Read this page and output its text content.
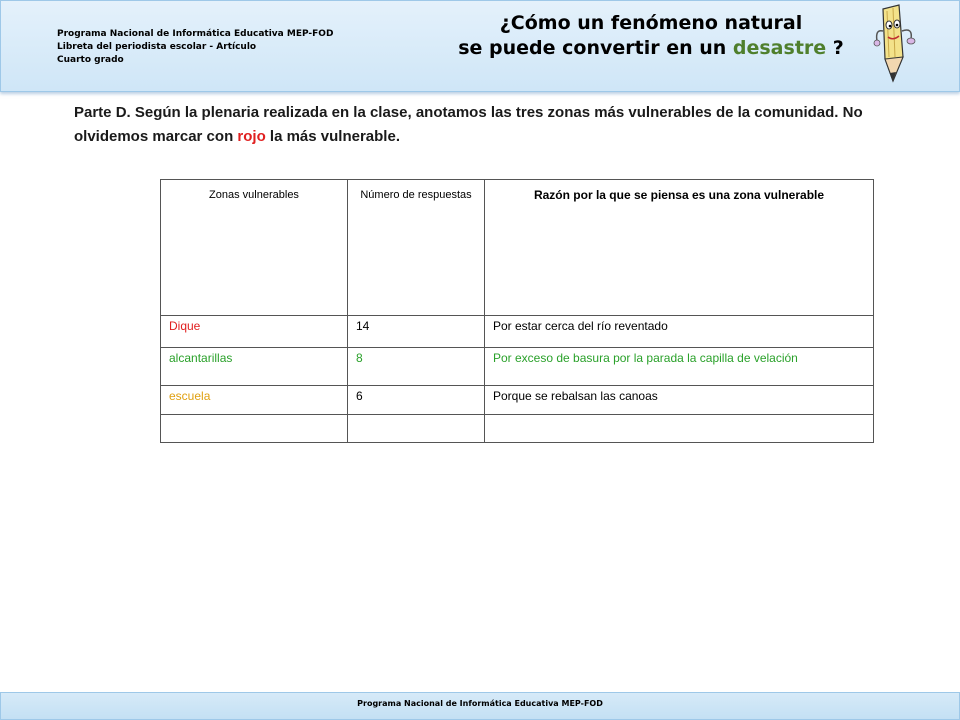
Programa Nacional de Informática Educativa MEP-FOD
Libreta del periodista escolar - Artículo
Cuarto grado
¿Cómo un fenómeno natural
se puede convertir en un desastre ?
Parte D. Según la plenaria realizada en la clase, anotamos las tres zonas más vulnerables de la comunidad. No olvidemos marcar con rojo la más vulnerable.
Zonas vulnerables	Número de respuestas	Razón por la que se piensa es una zona vulnerable
Dique	14	Por estar cerca del río reventado
alcantarillas	8	Por exceso de basura por la parada la capilla de velación
escuela	6	Porque se rebalsan las canoas

Programa Nacional de Informática Educativa MEP-FOD
